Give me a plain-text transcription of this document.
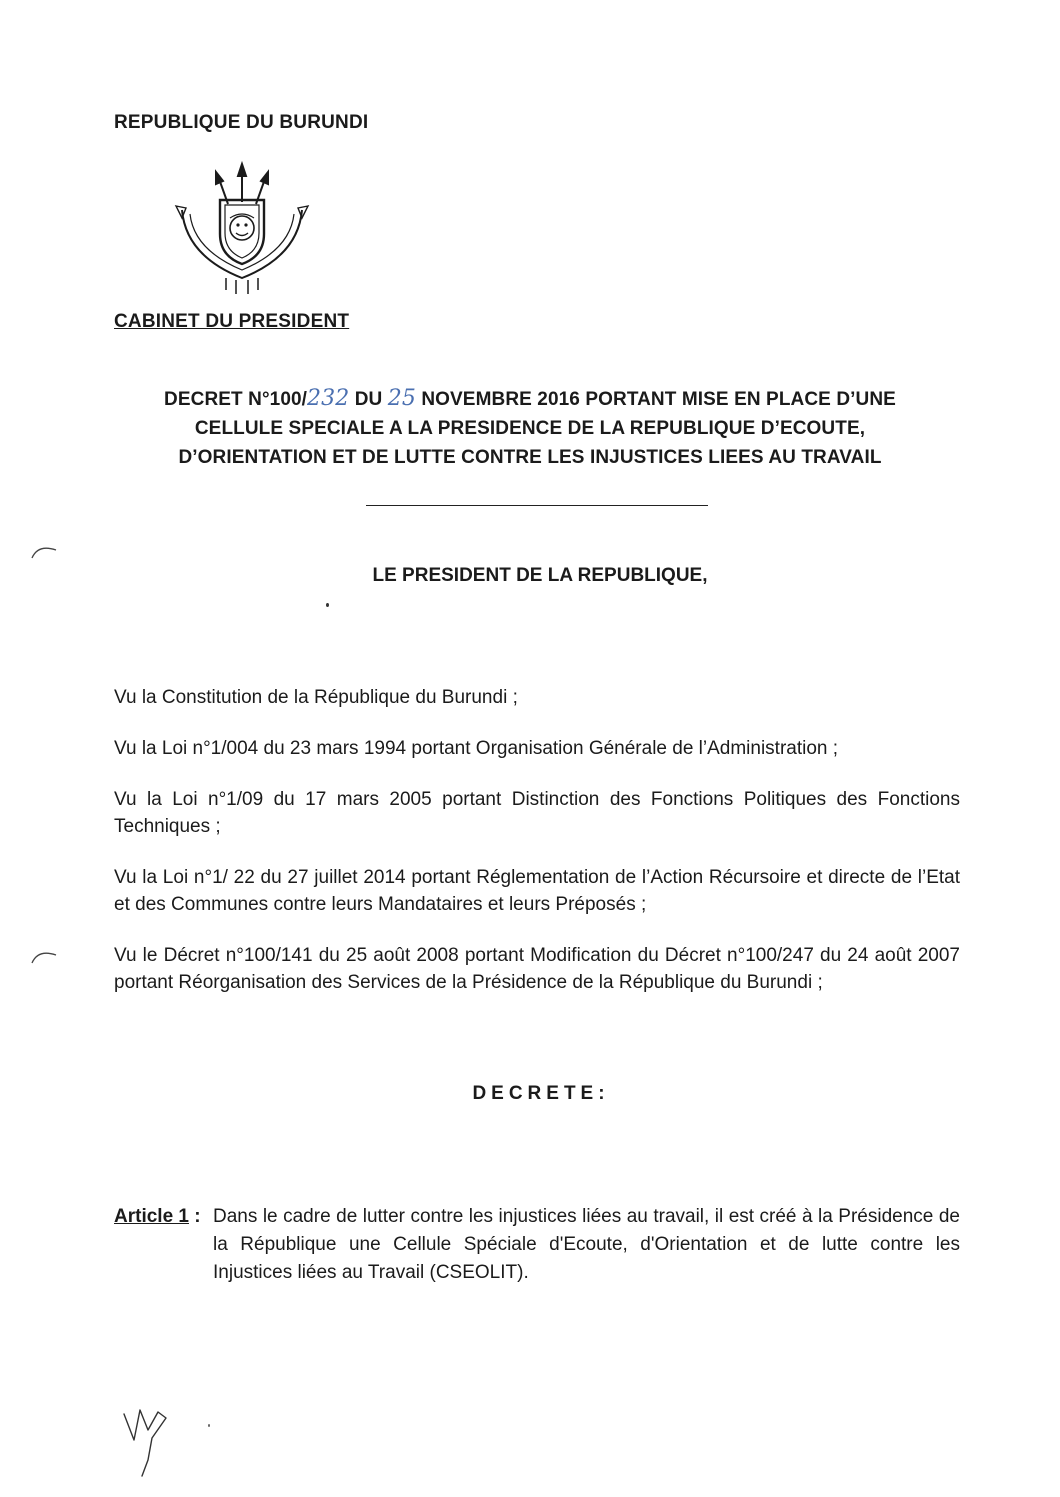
REPUBLIQUE DU BURUNDI
CABINET DU PRESIDENT
DECRET N°100/232 DU 25 NOVEMBRE 2016 PORTANT MISE EN PLACE D’UNE
CELLULE SPECIALE A LA PRESIDENCE DE LA REPUBLIQUE D’ECOUTE,
D’ORIENTATION ET DE LUTTE CONTRE LES INJUSTICES LIEES AU TRAVAIL
LE PRESIDENT DE LA REPUBLIQUE,

Vu la Constitution de la République du Burundi ;

Vu la Loi n°1/004 du 23 mars 1994 portant Organisation Générale de l’Administration ;

Vu la Loi n°1/09 du 17 mars 2005 portant Distinction des Fonctions Politiques des Fonctions Techniques ;

Vu la Loi n°1/ 22 du 27 juillet 2014 portant Réglementation de l’Action Récursoire et directe de l’Etat et des Communes contre leurs Mandataires et leurs Préposés ;

Vu le Décret n°100/141 du 25 août 2008 portant Modification du Décret n°100/247 du 24 août 2007 portant Réorganisation des Services de la Présidence de la République du Burundi ;

DECRETE:
Article 1 : Dans le cadre de lutter contre les injustices liées au travail, il est créé à la Présidence de la République une Cellule Spéciale d'Ecoute, d'Orientation et de lutte contre les Injustices liées au Travail (CSEOLIT).
